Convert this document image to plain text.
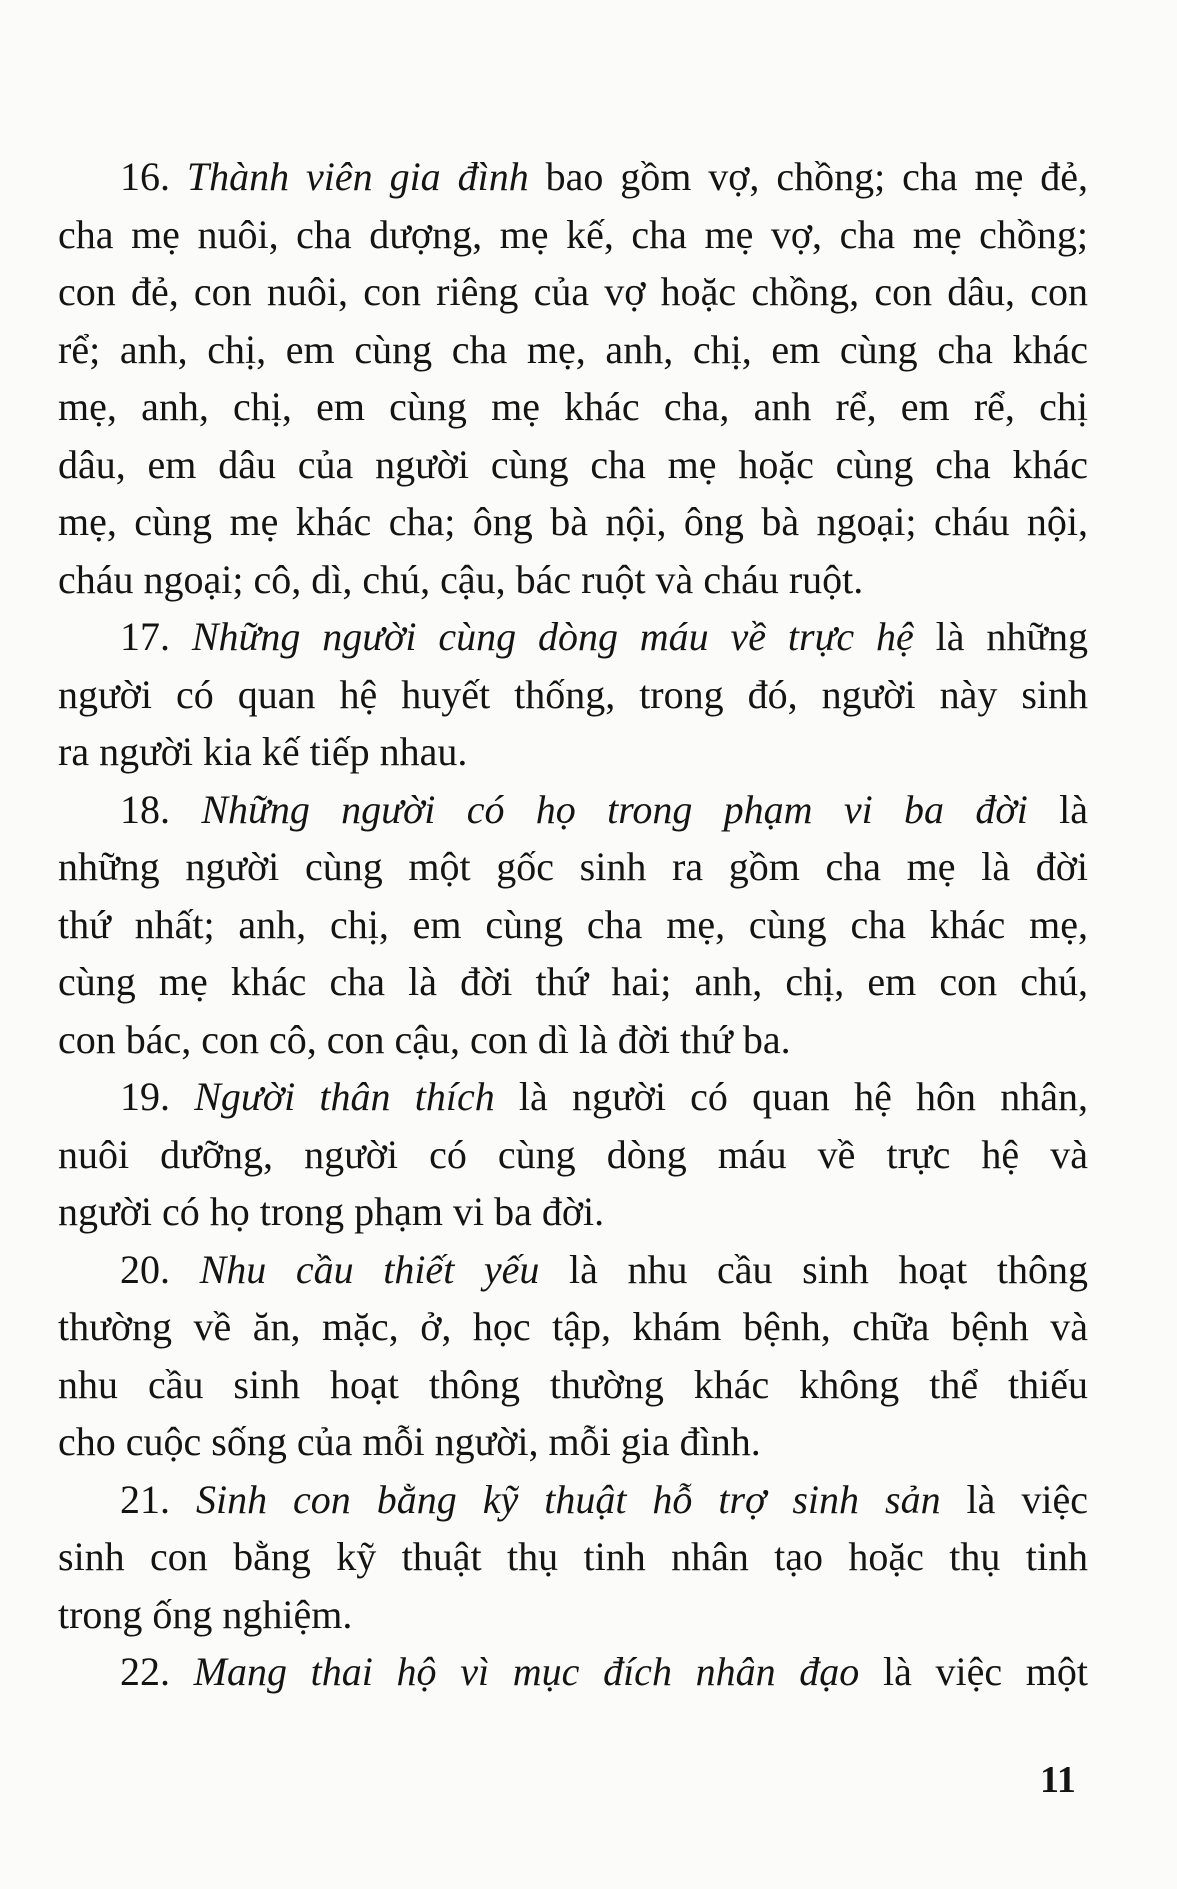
16. Thành viên gia đình bao gồm vợ, chồng; cha mẹ đẻ,
cha mẹ nuôi, cha dượng, mẹ kế, cha mẹ vợ, cha mẹ chồng;
con đẻ, con nuôi, con riêng của vợ hoặc chồng, con dâu, con
rể; anh, chị, em cùng cha mẹ, anh, chị, em cùng cha khác
mẹ, anh, chị, em cùng mẹ khác cha, anh rể, em rể, chị
dâu, em dâu của người cùng cha mẹ hoặc cùng cha khác
mẹ, cùng mẹ khác cha; ông bà nội, ông bà ngoại; cháu nội,
cháu ngoại; cô, dì, chú, cậu, bác ruột và cháu ruột.
17. Những người cùng dòng máu về trực hệ là những
người có quan hệ huyết thống, trong đó, người này sinh
ra người kia kế tiếp nhau.
18. Những người có họ trong phạm vi ba đời là
những người cùng một gốc sinh ra gồm cha mẹ là đời
thứ nhất; anh, chị, em cùng cha mẹ, cùng cha khác mẹ,
cùng mẹ khác cha là đời thứ hai; anh, chị, em con chú,
con bác, con cô, con cậu, con dì là đời thứ ba.
19. Người thân thích là người có quan hệ hôn nhân,
nuôi dưỡng, người có cùng dòng máu về trực hệ và
người có họ trong phạm vi ba đời.
20. Nhu cầu thiết yếu là nhu cầu sinh hoạt thông
thường về ăn, mặc, ở, học tập, khám bệnh, chữa bệnh và
nhu cầu sinh hoạt thông thường khác không thể thiếu
cho cuộc sống của mỗi người, mỗi gia đình.
21. Sinh con bằng kỹ thuật hỗ trợ sinh sản là việc
sinh con bằng kỹ thuật thụ tinh nhân tạo hoặc thụ tinh
trong ống nghiệm.
22. Mang thai hộ vì mục đích nhân đạo là việc một
11
